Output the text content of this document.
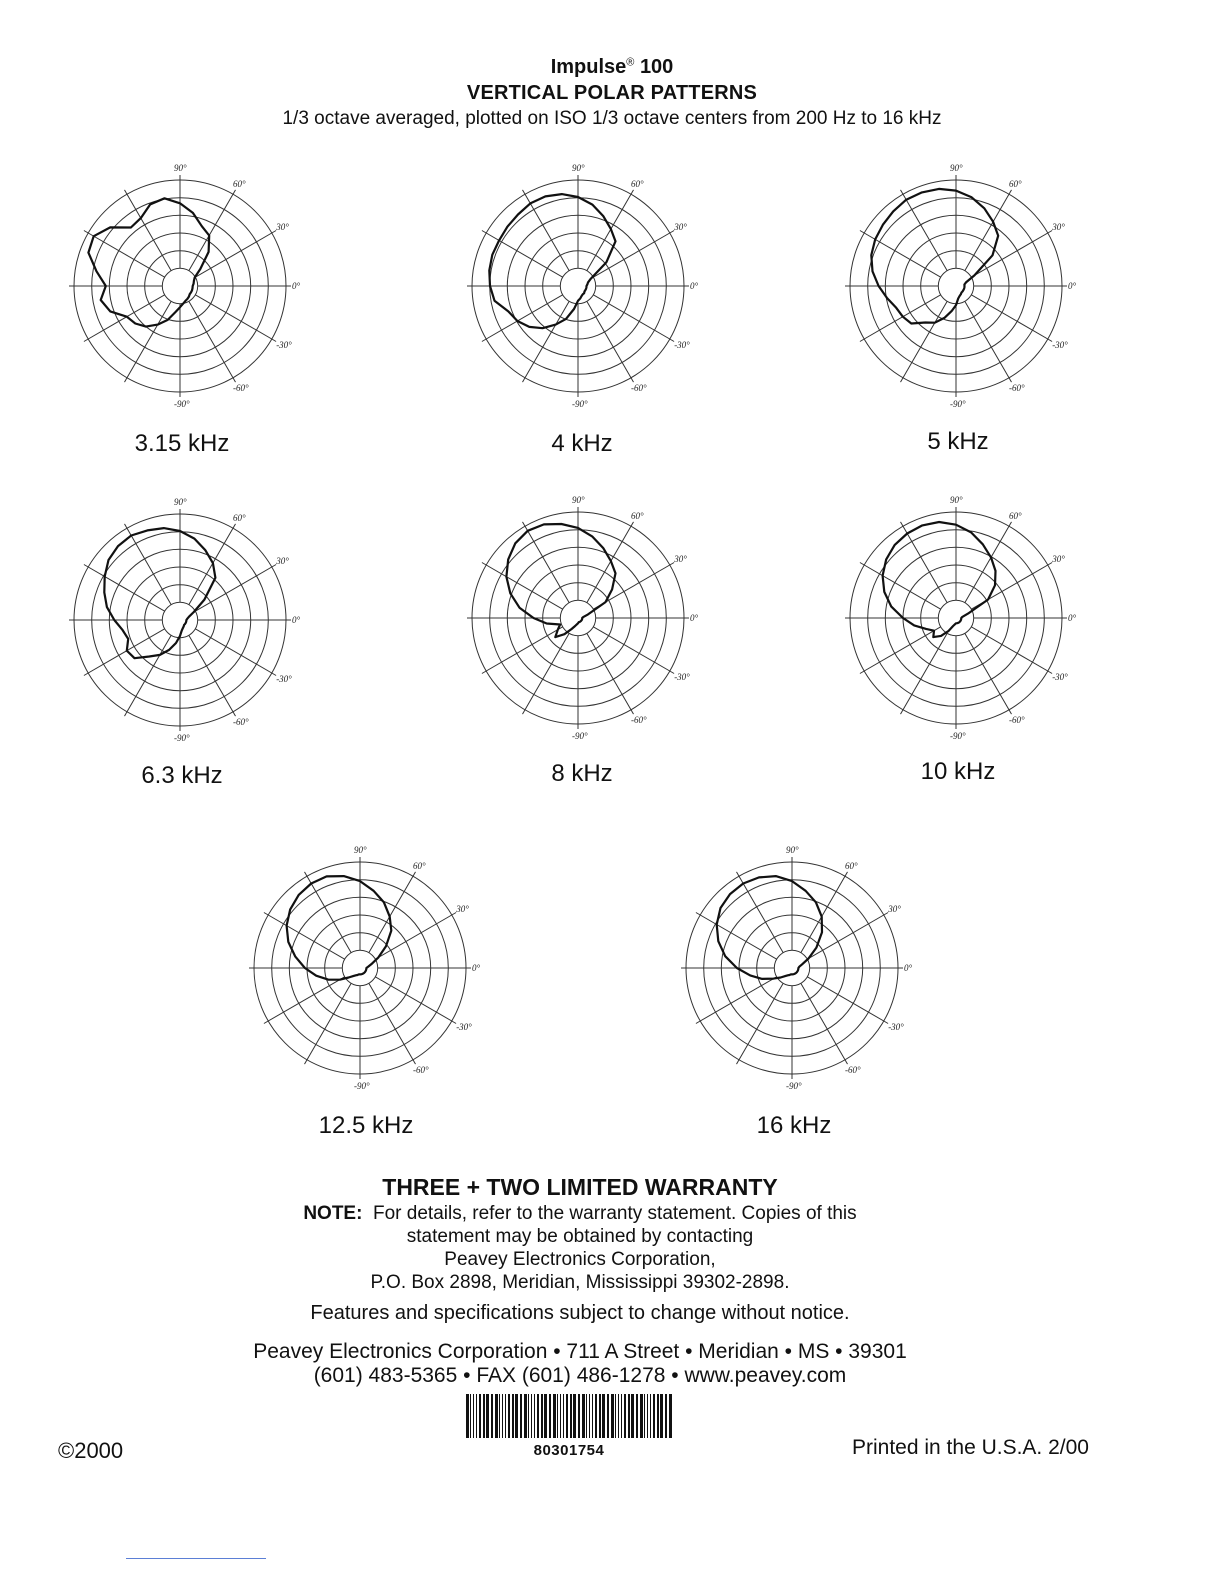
Impulse® 100
VERTICAL POLAR PATTERNS
1/3 octave averaged, plotted on ISO 1/3 octave centers from 200 Hz to 16 kHz
90°
60°
30°
0°
-30°
-60°
-90°
3.15 kHz
90°
60°
30°
0°
-30°
-60°
-90°
4 kHz
90°
60°
30°
0°
-30°
-60°
-90°
5 kHz
90°
60°
30°
0°
-30°
-60°
-90°
6.3 kHz
90°
60°
30°
0°
-30°
-60°
-90°
8 kHz
90°
60°
30°
0°
-30°
-60°
-90°
10 kHz
90°
60°
30°
0°
-30°
-60°
-90°
12.5 kHz
90°
60°
30°
0°
-30°
-60°
-90°
16 kHz
THREE + TWO LIMITED WARRANTY
NOTE: For details, refer to the warranty statement. Copies of this
statement may be obtained by contacting
Peavey Electronics Corporation,
P.O. Box 2898, Meridian, Mississippi 39302-2898.
Features and specifications subject to change without notice.
Peavey Electronics Corporation • 711 A Street • Meridian • MS • 39301
(601) 483-5365 • FAX (601) 486-1278 • www.peavey.com
©2000	80301754	Printed in the U.S.A. 2/00
